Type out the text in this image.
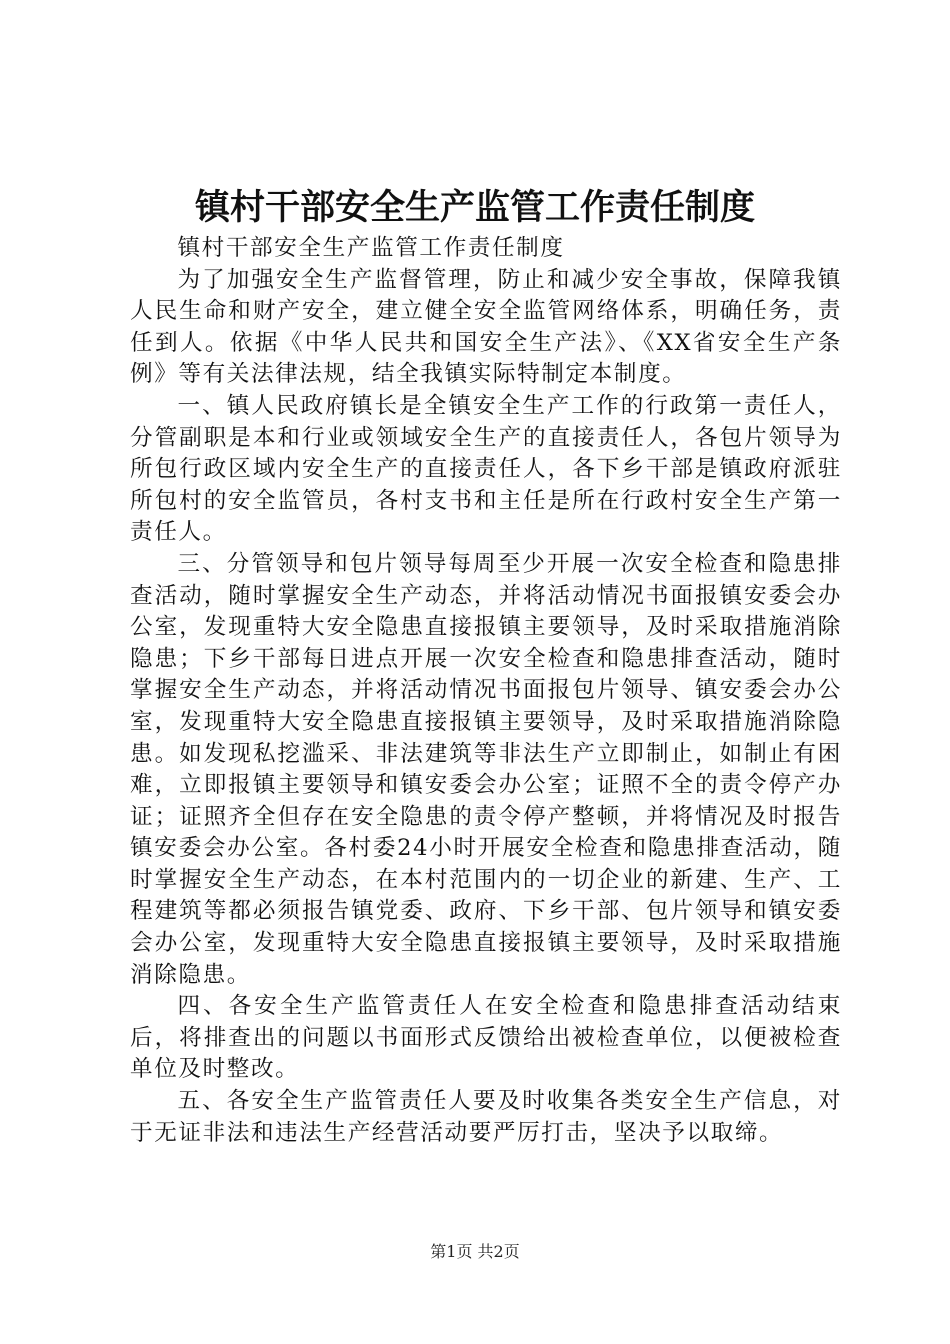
镇村干部安全生产监管工作责任制度

镇村干部安全生产监管工作责任制度

为了加强安全生产监督管理，防止和减少安全事故，保障我镇人民生命和财产安全，建立健全安全监管网络体系，明确任务，责任到人。依据《中华人民共和国安全生产法》、《XX省安全生产条例》等有关法律法规，结全我镇实际特制定本制度。

一、镇人民政府镇长是全镇安全生产工作的行政第一责任人，分管副职是本和行业或领域安全生产的直接责任人，各包片领导为所包行政区域内安全生产的直接责任人，各下乡干部是镇政府派驻所包村的安全监管员，各村支书和主任是所在行政村安全生产第一责任人。

三、分管领导和包片领导每周至少开展一次安全检查和隐患排查活动，随时掌握安全生产动态，并将活动情况书面报镇安委会办公室，发现重特大安全隐患直接报镇主要领导，及时采取措施消除隐患；下乡干部每日进点开展一次安全检查和隐患排查活动，随时掌握安全生产动态，并将活动情况书面报包片领导、镇安委会办公室，发现重特大安全隐患直接报镇主要领导，及时采取措施消除隐患。如发现私挖滥采、非法建筑等非法生产立即制止，如制止有困难，立即报镇主要领导和镇安委会办公室；证照不全的责令停产办证；证照齐全但存在安全隐患的责令停产整顿，并将情况及时报告镇安委会办公室。各村委24小时开展安全检查和隐患排查活动，随时掌握安全生产动态，在本村范围内的一切企业的新建、生产、工程建筑等都必须报告镇党委、政府、下乡干部、包片领导和镇安委会办公室，发现重特大安全隐患直接报镇主要领导，及时采取措施消除隐患。

四、各安全生产监管责任人在安全检查和隐患排查活动结束后，将排查出的问题以书面形式反馈给出被检查单位，以便被检查单位及时整改。

五、各安全生产监管责任人要及时收集各类安全生产信息，对于无证非法和违法生产经营活动要严厉打击，坚决予以取缔。

第1页 共2页
